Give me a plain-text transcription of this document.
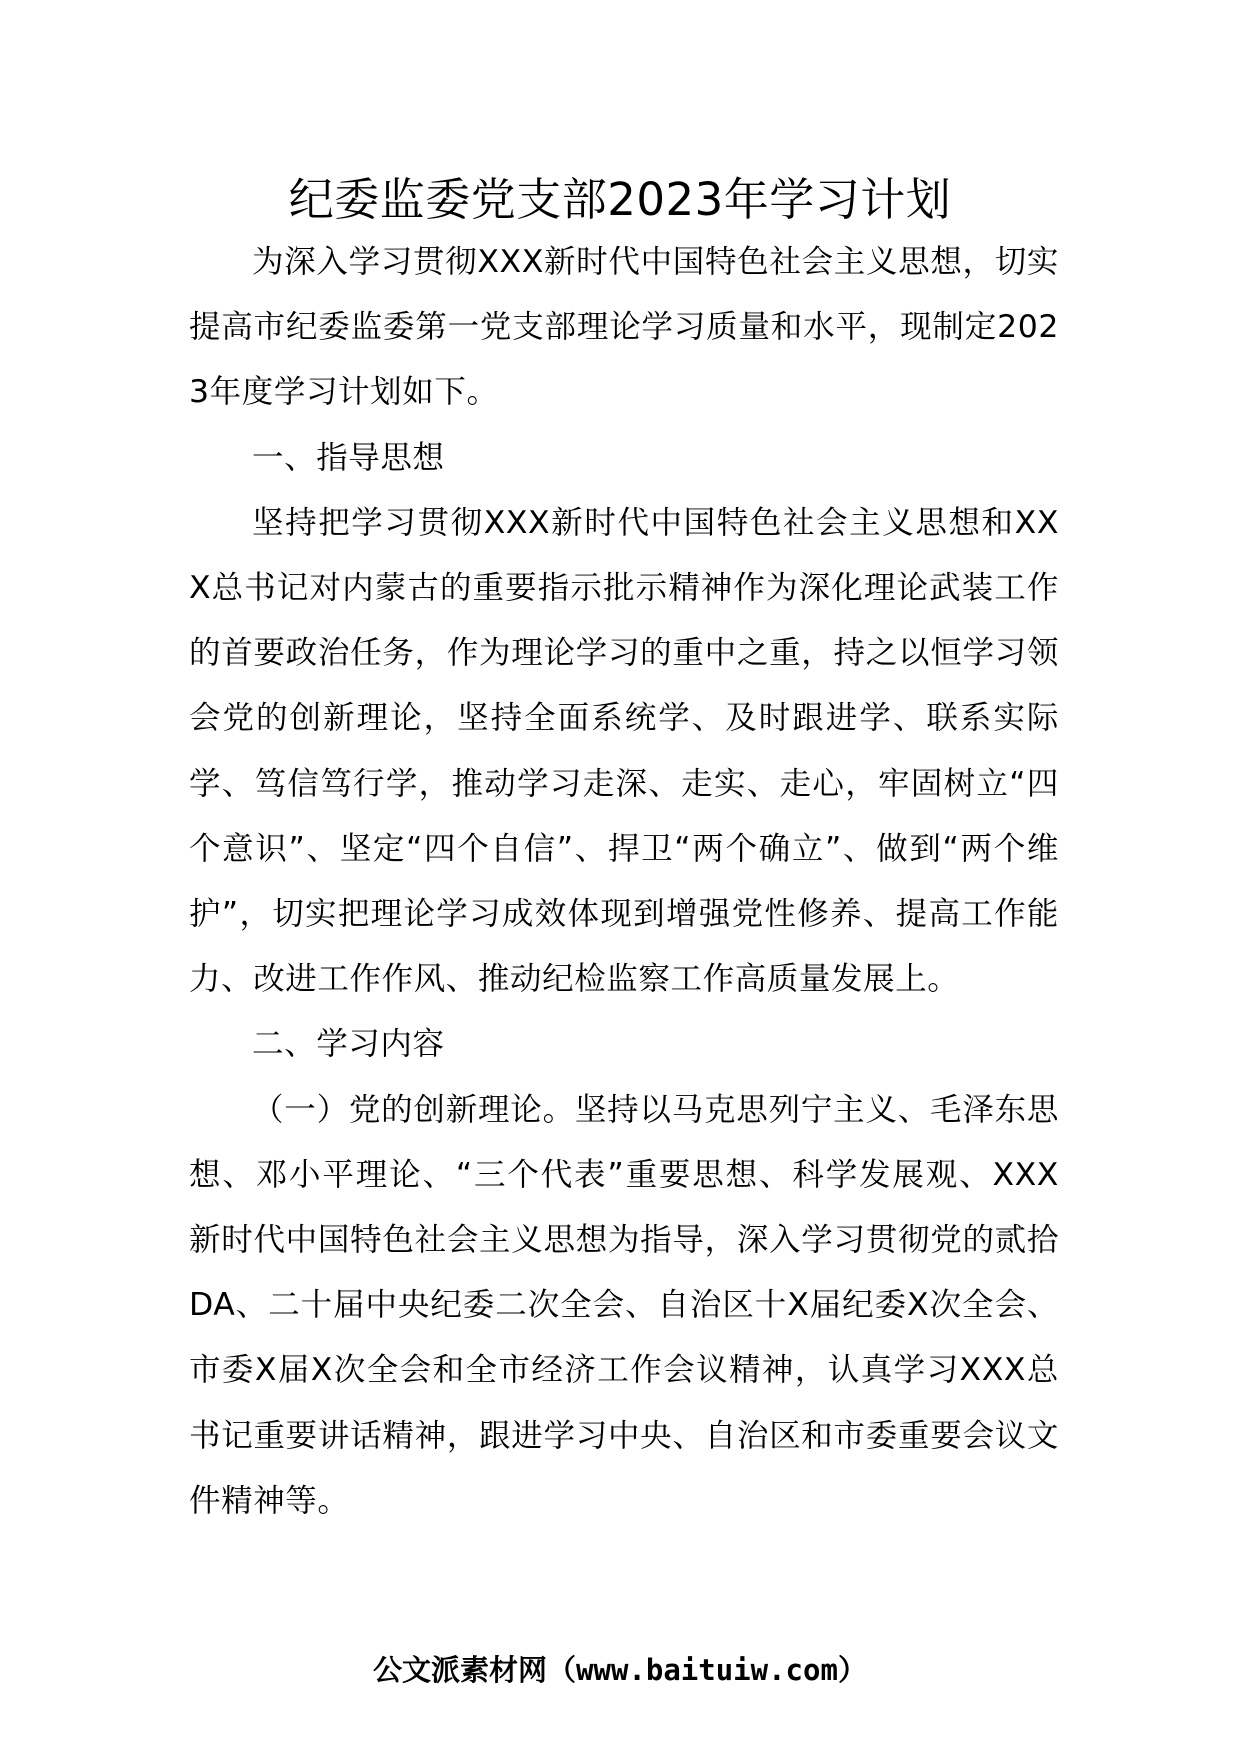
纪委监委党支部2023年学习计划

为深入学习贯彻XXX新时代中国特色社会主义思想，切实提高市纪委监委第一党支部理论学习质量和水平，现制定2023年度学习计划如下。

一、指导思想

坚持把学习贯彻XXX新时代中国特色社会主义思想和XXX总书记对内蒙古的重要指示批示精神作为深化理论武装工作的首要政治任务，作为理论学习的重中之重，持之以恒学习领会党的创新理论，坚持全面系统学、及时跟进学、联系实际学、笃信笃行学，推动学习走深、走实、走心，牢固树立“四个意识”、坚定“四个自信”、捍卫“两个确立”、做到“两个维护”，切实把理论学习成效体现到增强党性修养、提高工作能力、改进工作作风、推动纪检监察工作高质量发展上。

二、学习内容

（一）党的创新理论。坚持以马克思列宁主义、毛泽东思想、邓小平理论、“三个代表”重要思想、科学发展观、XXX新时代中国特色社会主义思想为指导，深入学习贯彻党的贰拾DA、二十届中央纪委二次全会、自治区十X届纪委X次全会、市委X届X次全会和全市经济工作会议精神，认真学习XXX总书记重要讲话精神，跟进学习中央、自治区和市委重要会议文件精神等。

公文派素材网（www.baituiw.com）
